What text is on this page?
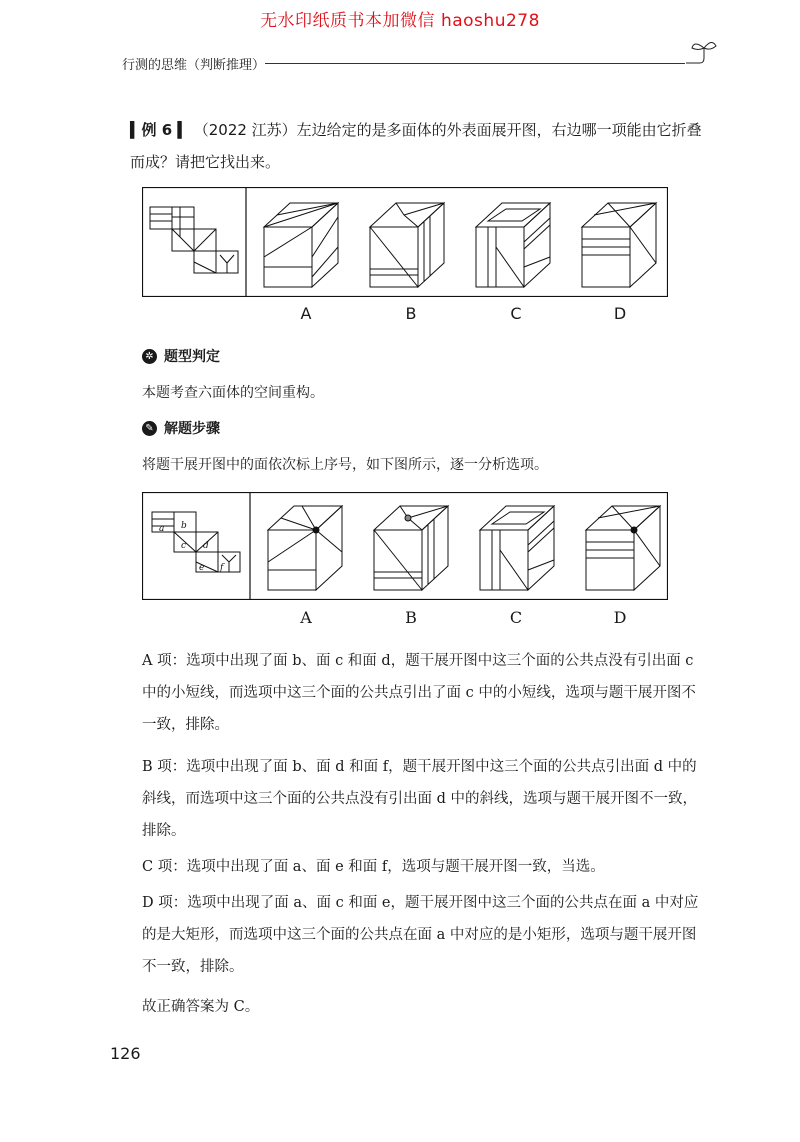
无水印纸质书本加微信 haoshu278
行测的思维（判断推理）
▍例 6 ▍ （2022 江苏）左边给定的是多面体的外表面展开图，右边哪一项能由它折叠而成？请把它找出来。
A	B	C	D
✲ 题型判定
本题考查六面体的空间重构。
✎ 解题步骤
将题干展开图中的面依次标上序号，如下图所示，逐一分析选项。
a b
c d
e f
A	B	C	D
A 项：选项中出现了面 b、面 c 和面 d，题干展开图中这三个面的公共点没有引出面 c 中的小短线，而选项中这三个面的公共点引出了面 c 中的小短线，选项与题干展开图不一致，排除。
B 项：选项中出现了面 b、面 d 和面 f，题干展开图中这三个面的公共点引出面 d 中的斜线，而选项中这三个面的公共点没有引出面 d 中的斜线，选项与题干展开图不一致，排除。
C 项：选项中出现了面 a、面 e 和面 f，选项与题干展开图一致，当选。
D 项：选项中出现了面 a、面 c 和面 e，题干展开图中这三个面的公共点在面 a 中对应的是大矩形，而选项中这三个面的公共点在面 a 中对应的是小矩形，选项与题干展开图不一致，排除。
故正确答案为 C。
126
